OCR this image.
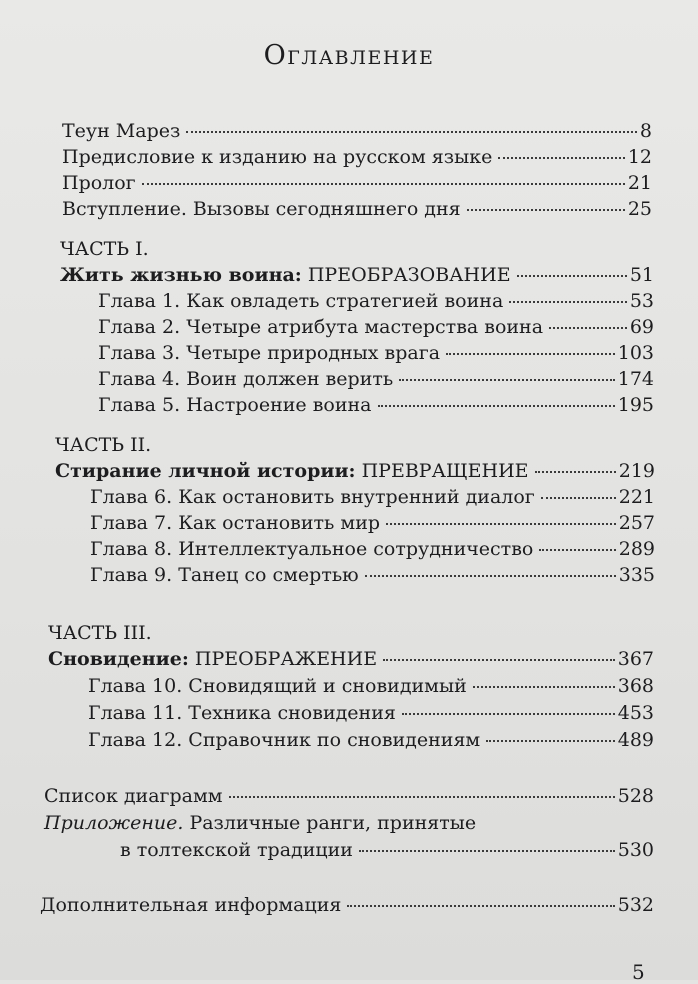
Оглавление
Теун Марез	8
Предисловие к изданию на русском языке	12
Пролог	21
Вступление. Вызовы сегодняшнего дня	25
ЧАСТЬ I.
Жить жизнью воина: ПРЕОБРАЗОВАНИЕ	51
Глава 1. Как овладеть стратегией воина	53
Глава 2. Четыре атрибута мастерства воина	69
Глава 3. Четыре природных врага	103
Глава 4. Воин должен верить	174
Глава 5. Настроение воина	195
ЧАСТЬ II.
Стирание личной истории: ПРЕВРАЩЕНИЕ	219
Глава 6. Как остановить внутренний диалог	221
Глава 7. Как остановить мир	257
Глава 8. Интеллектуальное сотрудничество	289
Глава 9. Танец со смертью	335
ЧАСТЬ III.
Сновидение: ПРЕОБРАЖЕНИЕ	367
Глава 10. Сновидящий и сновидимый	368
Глава 11. Техника сновидения	453
Глава 12. Справочник по сновидениям	489
Список диаграмм	528
Приложение. Различные ранги, принятые
в толтекской традиции	530
Дополнительная информация	532
5
